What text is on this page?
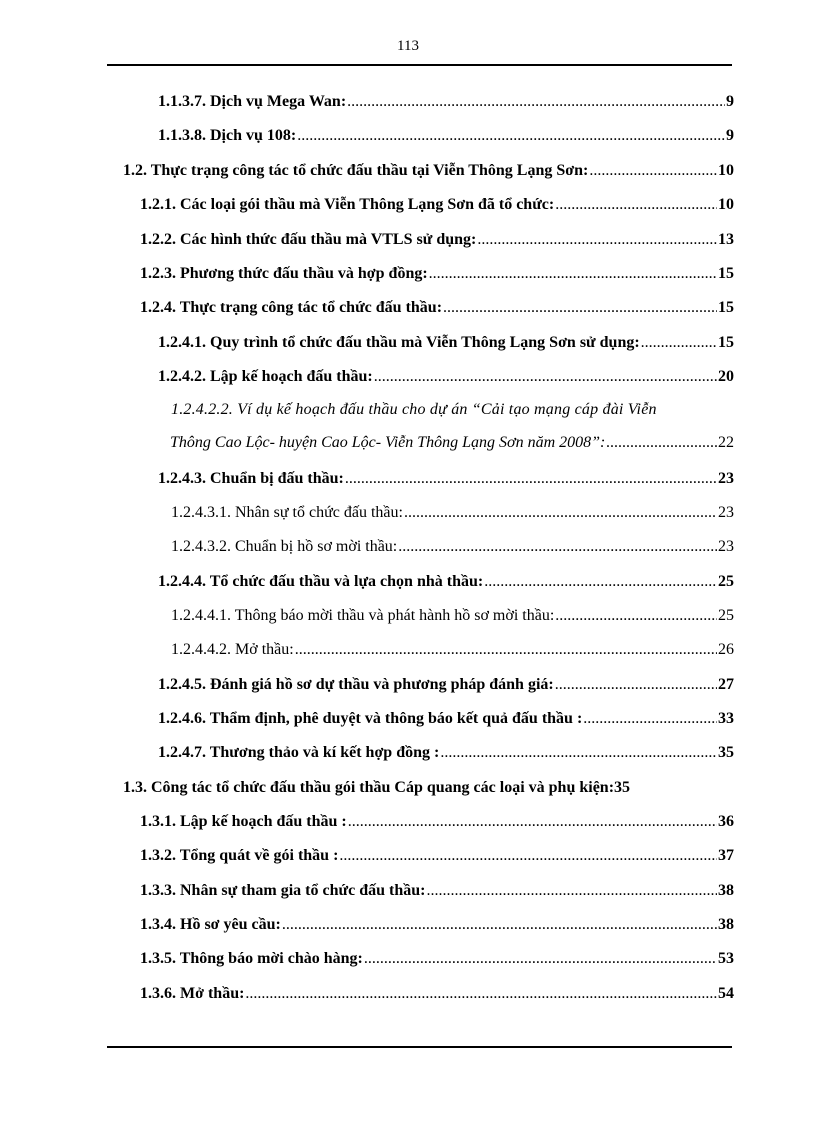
113
1.1.3.7. Dịch vụ Mega Wan: .....	9
1.1.3.8. Dịch vụ 108: .....	9
1.2. Thực trạng công tác tổ chức đấu thầu tại Viễn Thông Lạng Sơn: .....	10
1.2.1. Các loại gói thầu mà Viễn Thông Lạng Sơn đã tổ chức: .....	10
1.2.2. Các hình thức đấu thầu mà VTLS sử dụng: .....	13
1.2.3. Phương thức đấu thầu và hợp đồng: .....	15
1.2.4. Thực trạng công tác tổ chức đấu thầu: .....	15
1.2.4.1. Quy trình tổ chức đấu thầu mà Viễn Thông Lạng Sơn sử dụng: .....	15
1.2.4.2. Lập kế hoạch đấu thầu: .....	20
1.2.4.2.2. Ví dụ kế hoạch đấu thầu cho dự án “Cải tạo mạng cáp đài Viễn
Thông Cao Lộc- huyện Cao Lộc- Viễn Thông Lạng Sơn năm 2008”: .....	22
1.2.4.3. Chuẩn bị đấu thầu: .....	23
1.2.4.3.1. Nhân sự tổ chức đấu thầu: .....	23
1.2.4.3.2. Chuẩn bị hồ sơ mời thầu: .....	23
1.2.4.4. Tổ chức đấu thầu và lựa chọn nhà thầu: .....	25
1.2.4.4.1. Thông báo mời thầu và phát hành hồ sơ mời thầu: .....	25
1.2.4.4.2. Mở thầu: .....	26
1.2.4.5. Đánh giá hồ sơ dự thầu và phương pháp đánh giá: .....	27
1.2.4.6. Thẩm định, phê duyệt và thông báo kết quả đấu thầu : .....	33
1.2.4.7. Thương thảo và kí kết hợp đồng : .....	35
1.3. Công tác tổ chức đấu thầu gói thầu Cáp quang các loại và phụ kiện: 35
1.3.1. Lập kế hoạch đấu thầu : .....	36
1.3.2. Tổng quát về gói thầu : .....	37
1.3.3. Nhân sự tham gia tổ chức đấu thầu: .....	38
1.3.4. Hồ sơ yêu cầu: .....	38
1.3.5. Thông báo mời chào hàng: .....	53
1.3.6. Mở thầu: .....	54
